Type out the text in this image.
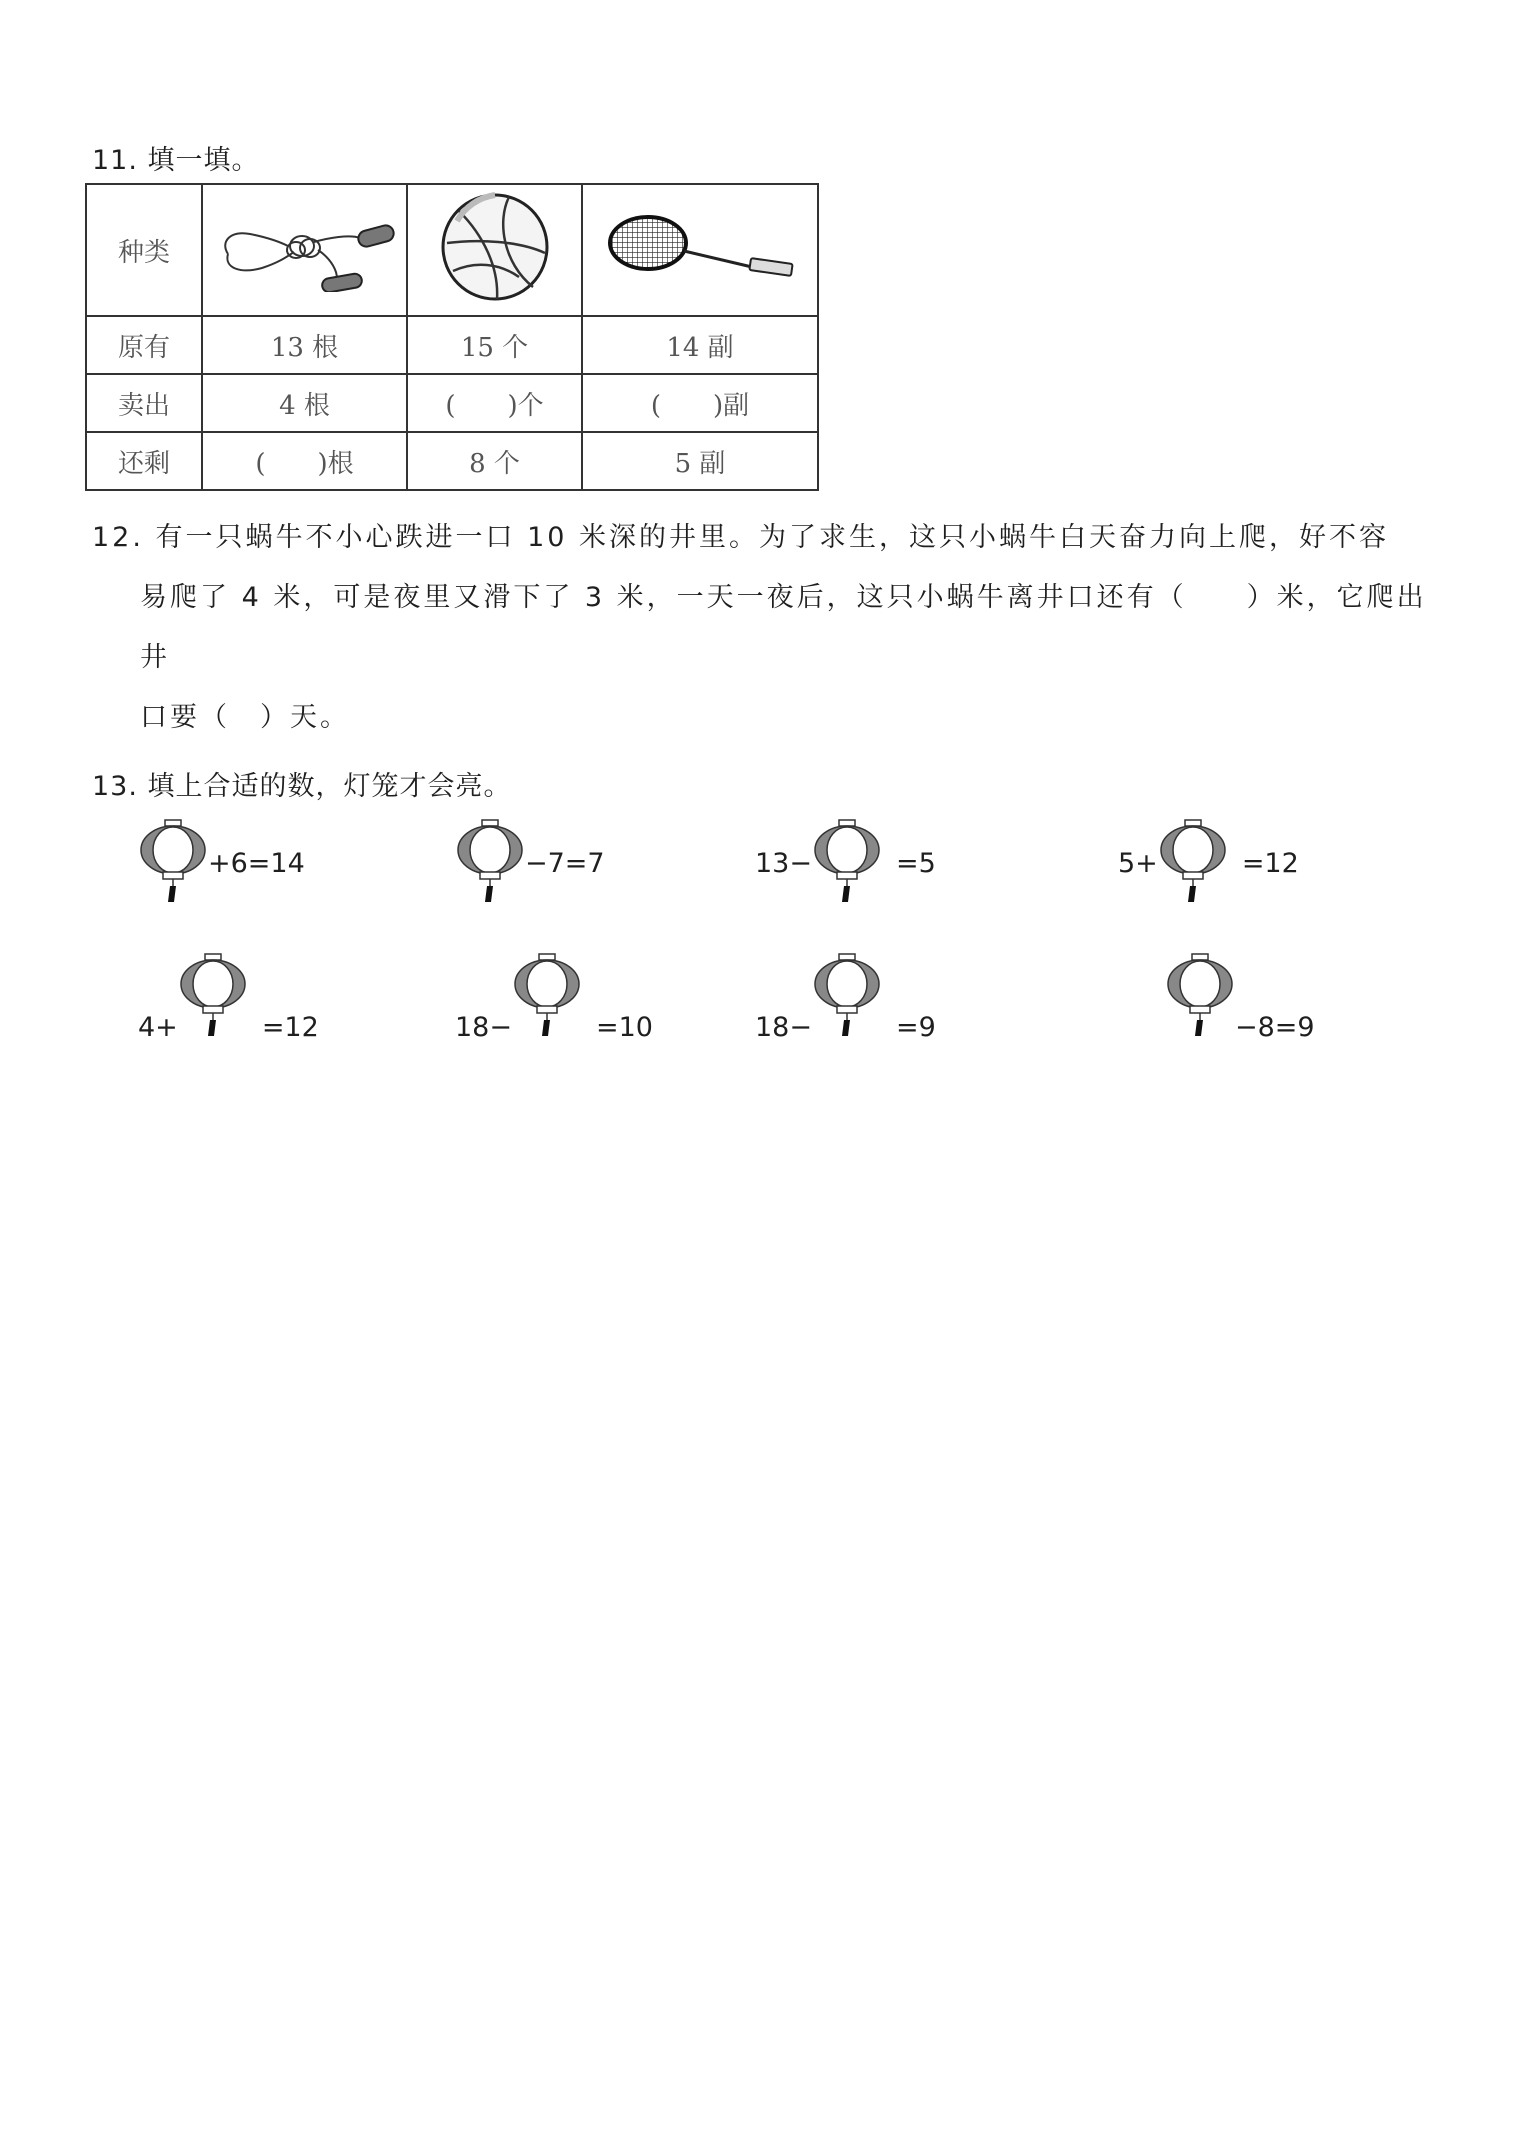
11. 填一填。
种类			
原有	13 根	15 个	14 副
卖出	4 根	(　　)个	(　　)副
还剩	(　　)根	8 个	5 副
12. 有一只蜗牛不小心跌进一口 10 米深的井里。为了求生，这只小蜗牛白天奋力向上爬，好不容
易爬了 4 米，可是夜里又滑下了 3 米，一天一夜后，这只小蜗牛离井口还有（　　）米，它爬出井
口要（　）天。
13. 填上合适的数，灯笼才会亮。
+6=14	−7=7	13−	=5	5+	=12
4+	=12	18−	=10	18−	=9	−8=9
